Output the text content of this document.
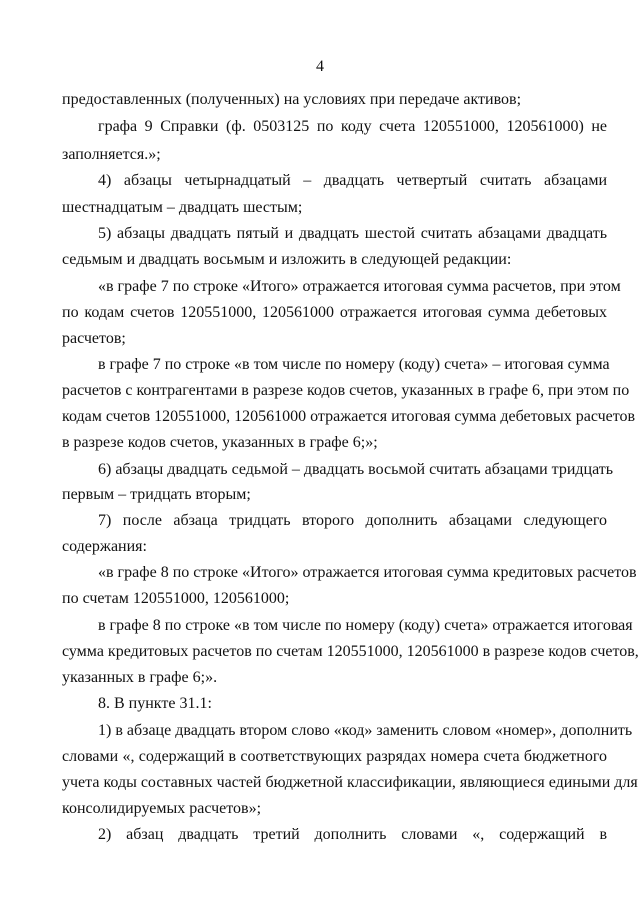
4
предоставленных (полученных) на условиях при передаче активов;
графа 9 Справки (ф. 0503125 по коду счета 120551000, 120561000) не
заполняется.»;
4) абзацы четырнадцатый – двадцать четвертый считать абзацами
шестнадцатым – двадцать шестым;
5) абзацы двадцать пятый и двадцать шестой считать абзацами двадцать
седьмым и двадцать восьмым и изложить в следующей редакции:
«в графе 7 по строке «Итого» отражается итоговая сумма расчетов, при этом
по кодам счетов 120551000, 120561000 отражается итоговая сумма дебетовых
расчетов;
в графе 7 по строке «в том числе по номеру (коду) счета» – итоговая сумма
расчетов с контрагентами в разрезе кодов счетов, указанных в графе 6, при этом по
кодам счетов 120551000, 120561000 отражается итоговая сумма дебетовых расчетов
в разрезе кодов счетов, указанных в графе 6;»;
6) абзацы двадцать седьмой – двадцать восьмой считать абзацами тридцать
первым – тридцать вторым;
7) после абзаца тридцать второго дополнить абзацами следующего
содержания:
«в графе 8 по строке «Итого» отражается итоговая сумма кредитовых расчетов
по счетам 120551000, 120561000;
в графе 8 по строке «в том числе по номеру (коду) счета» отражается итоговая
сумма кредитовых расчетов по счетам 120551000, 120561000 в разрезе кодов счетов,
указанных в графе 6;».
8. В пункте 31.1:
1) в абзаце двадцать втором слово «код» заменить словом «номер», дополнить
словами «, содержащий в соответствующих разрядах номера счета бюджетного
учета коды составных частей бюджетной классификации, являющиеся едиными для
консолидируемых расчетов»;
2) абзац двадцать третий дополнить словами «, содержащий в
